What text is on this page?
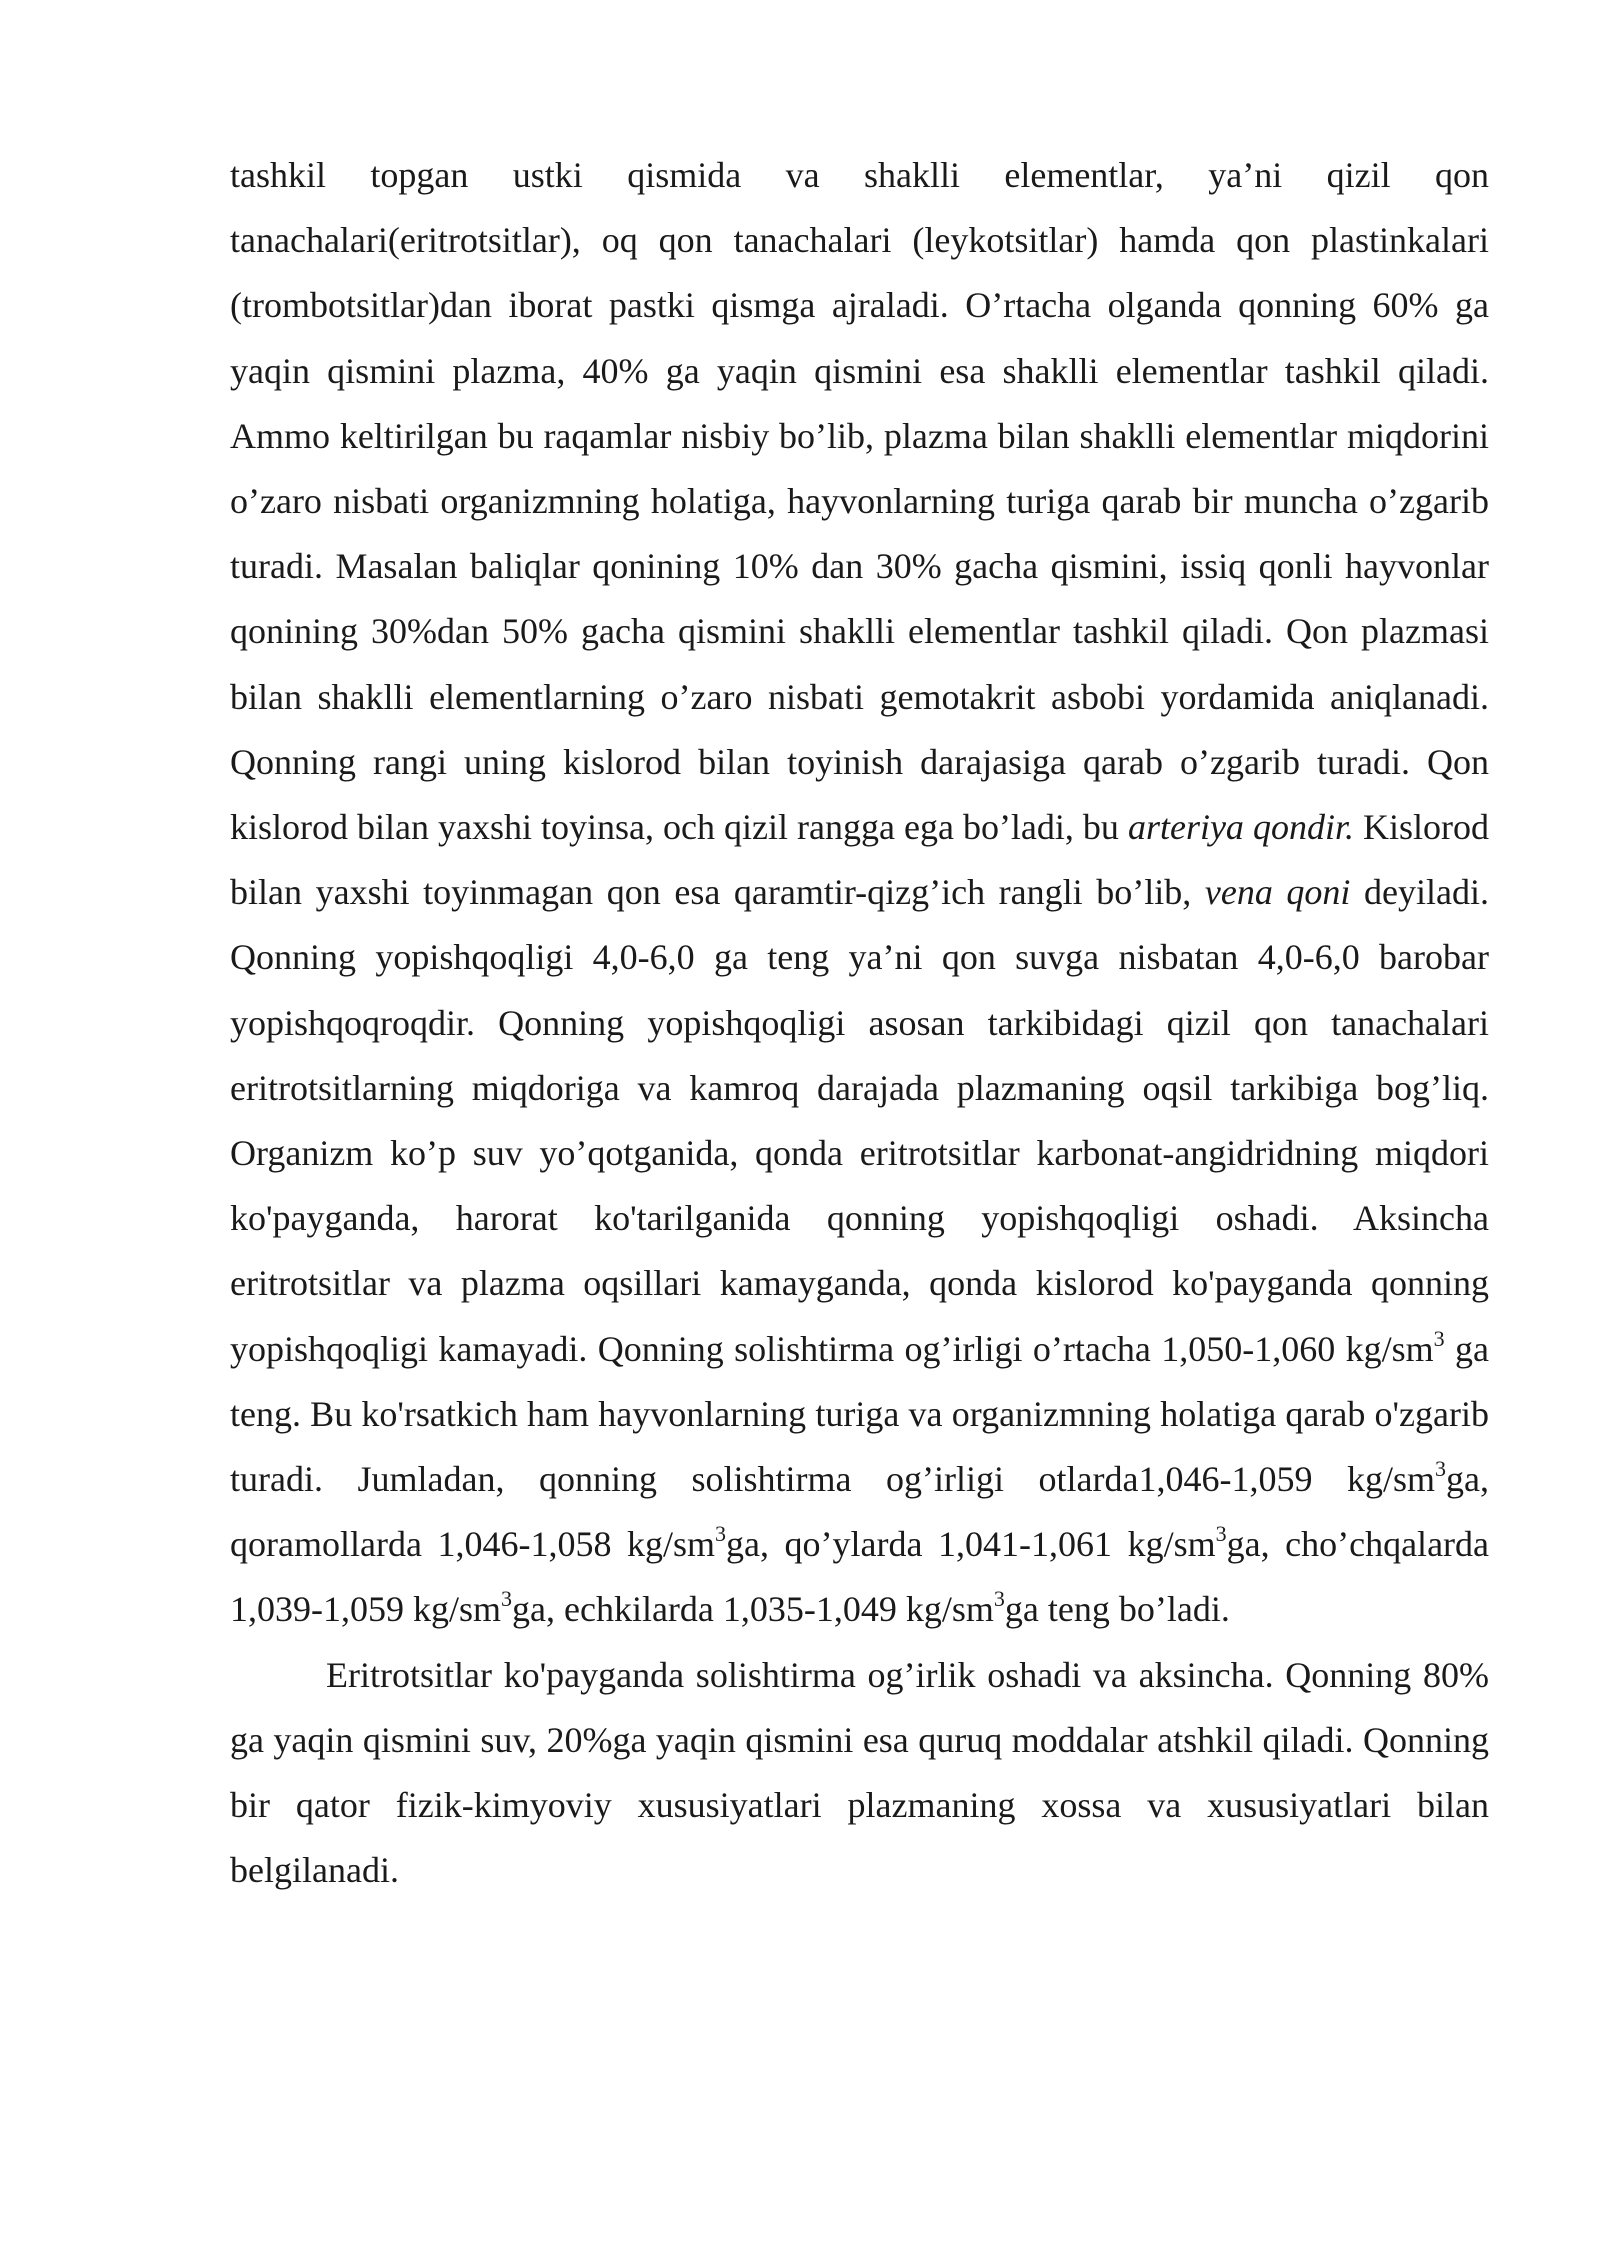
tashkil topgan ustki qismida va shaklli elementlar, ya’ni qizil qon tanachalari(eritrotsitlar), oq qon tanachalari (leykotsitlar) hamda qon plastinkalari (trombotsitlar)dan iborat pastki qismga ajraladi. O’rtacha olganda qonning 60% ga yaqin qismini plazma, 40% ga yaqin qismini esa shaklli elementlar tashkil qiladi. Ammo keltirilgan bu raqamlar nisbiy bo’lib, plazma bilan shaklli elementlar miqdorini o’zaro nisbati organizmning holatiga, hayvonlarning turiga qarab bir muncha o’zgarib turadi. Masalan baliqlar qonining 10% dan 30% gacha qismini, issiq qonli hayvonlar qonining 30%dan 50% gacha qismini shaklli elementlar tashkil qiladi. Qon plazmasi bilan shaklli elementlarning o’zaro nisbati gemotakrit asbobi yordamida aniqlanadi. Qonning rangi uning kislorod bilan toyinish darajasiga qarab o’zgarib turadi. Qon kislorod bilan yaxshi toyinsa, och qizil rangga ega bo’ladi, bu arteriya qondir. Kislorod bilan yaxshi toyinmagan qon esa qaramtir-qizg’ich rangli bo’lib, vena qoni deyiladi. Qonning yopishqoqligi 4,0-6,0 ga teng ya’ni qon suvga nisbatan 4,0-6,0 barobar yopishqoqroqdir. Qonning yopishqoqligi asosan tarkibidagi qizil qon tanachalari eritrotsitlarning miqdoriga va kamroq darajada plazmaning oqsil tarkibiga bog’liq. Organizm ko’p suv yo’qotganida, qonda eritrotsitlar karbonat-angidridning miqdori ko'payganda, harorat ko'tarilganida qonning yopishqoqligi oshadi. Aksincha eritrotsitlar va plazma oqsillari kamayganda, qonda kislorod ko'payganda qonning yopishqoqligi kamayadi. Qonning solishtirma og’irligi o’rtacha 1,050-1,060 $kg/sm^3$ ga teng. Bu ko'rsatkich ham hayvonlarning turiga va organizmning holatiga qarab o'zgarib turadi. Jumladan, qonning solishtirma og’irligi otlarda1,046-1,059 $kg/sm^3ga$, qoramollarda 1,046-1,058 $kg/sm^3ga$, qo’ylarda 1,041-1,061 $kg/sm^3ga$, cho’chqalarda 1,039-1,059 $kg/sm^3ga$, echkilarda 1,035-1,049 $kg/sm^3ga$ teng bo’ladi.

Eritrotsitlar ko'payganda solishtirma og’irlik oshadi va aksincha. Qonning 80% ga yaqin qismini suv, 20%ga yaqin qismini esa quruq moddalar atshkil qiladi. Qonning bir qator fizik-kimyoviy xususiyatlari plazmaning xossa va xususiyatlari bilan belgilanadi.
